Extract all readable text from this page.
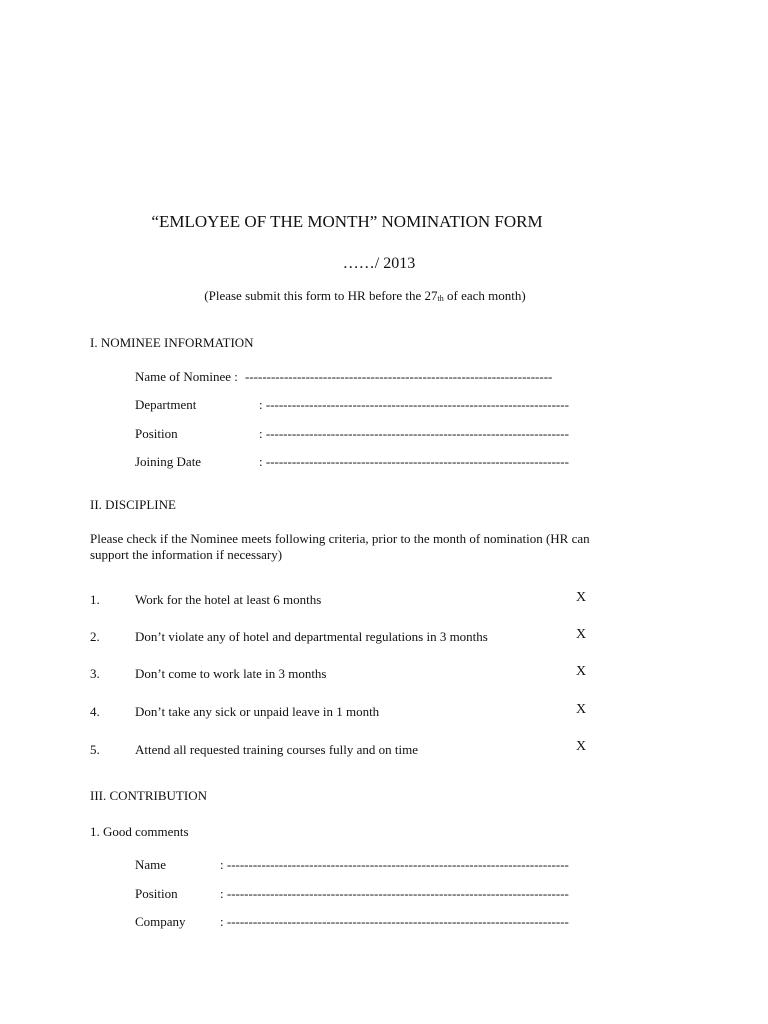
“EMLOYEE OF THE MONTH” NOMINATION FORM
……/ 2013
(Please submit this form to HR before the $27_{th}$ of each month)
I. NOMINEE INFORMATION
Name of Nominee : -----------------------------------------------------------------------
Department	: ----------------------------------------------------------------------
Position	: ----------------------------------------------------------------------
Joining Date	: ----------------------------------------------------------------------
II. DISCIPLINE
Please check if the Nominee meets following criteria, prior to the month of nomination (HR can support the information if necessary)
1.	Work for the hotel at least 6 months	X
2.	Don’t violate any of hotel and departmental regulations in 3 months	X
3.	Don’t come to work late in 3 months	X
4.	Don’t take any sick or unpaid leave in 1 month	X
5.	Attend all requested training courses fully and on time	X
III. CONTRIBUTION
1. Good comments
Name	: -------------------------------------------------------------------------------
Position	: -------------------------------------------------------------------------------
Company	: -------------------------------------------------------------------------------
